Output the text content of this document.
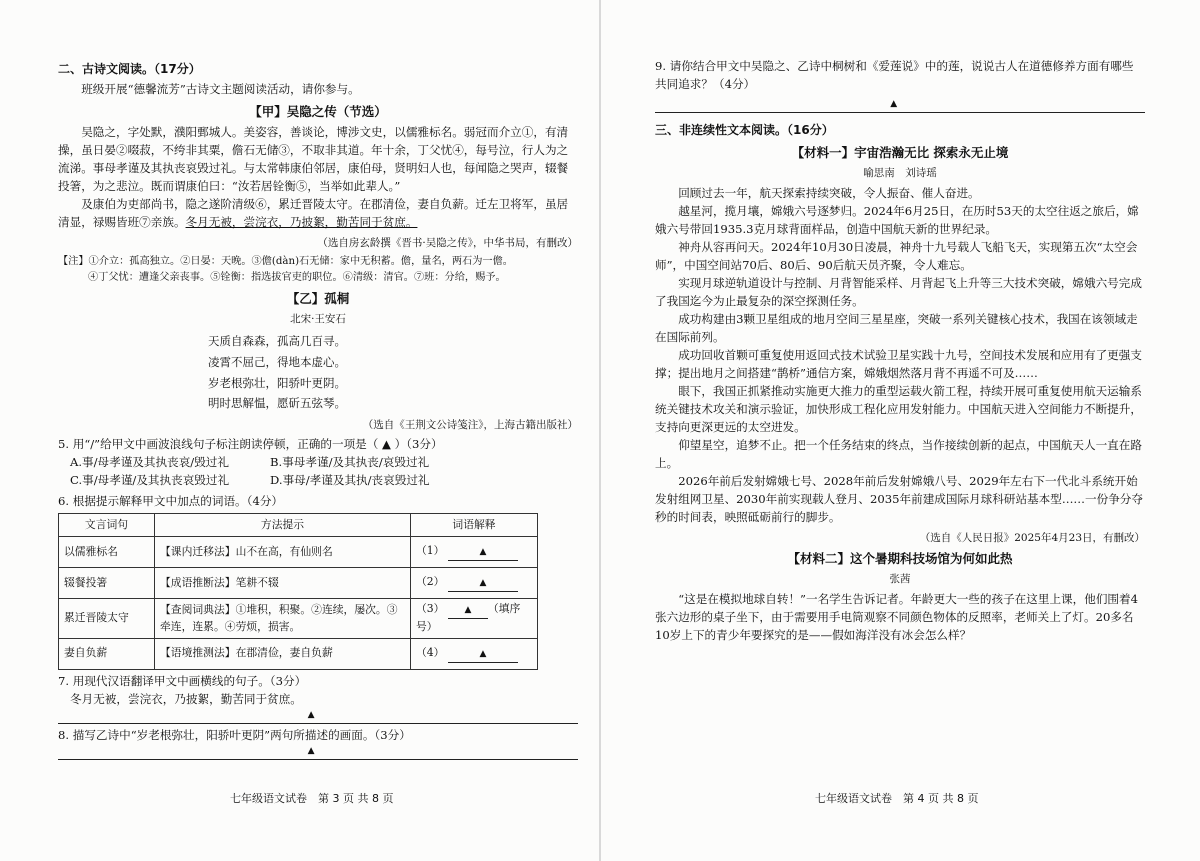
二、古诗文阅读。（17分）

班级开展“德馨流芳”古诗文主题阅读活动，请你参与。

【甲】吴隐之传（节选）

吴隐之，字处默，濮阳鄄城人。美姿容，善谈论，博涉文史，以儒雅标名。弱冠而介立①，有清操，虽日晏②啜菽，不绔非其粟，儋石无储③，不取非其道。年十余，丁父忧④，每号泣，行人为之流涕。事母孝谨及其执丧哀毁过礼。与太常韩康伯邻居，康伯母，贤明妇人也，每闻隐之哭声，辍餐投箸，为之悲泣。既而谓康伯曰：“汝若居铨衡⑤，当举如此辈人。”

及康伯为吏部尚书，隐之遂阶清级⑥，累迁晋陵太守。在郡清俭，妻自负薪。迁左卫将军，虽居清显，禄赐皆班⑦亲族。冬月无被，尝浣衣，乃披絮，勤苦同于贫庶。

（选自房玄龄撰《晋书·吴隐之传》，中华书局，有删改）
【注】①介立：孤高独立。②日晏：天晚。③儋(dàn)石无储：家中无积蓄。儋，量名，两石为一儋。
④丁父忧：遭逢父亲丧事。⑤铨衡：指选拔官吏的职位。⑥清级：清官。⑦班：分给，赐予。
【乙】孤桐
北宋·王安石
天质自森森，孤高几百寻。
凌霄不屈己，得地本虚心。
岁老根弥壮，阳骄叶更阴。
明时思解愠，愿斫五弦琴。
（选自《王荆文公诗笺注》，上海古籍出版社）
5. 用“/”给甲文中画波浪线句子标注朗读停顿，正确的一项是（ ▲ ）（3分）
A.事/母孝谨及其执丧哀/毁过礼	B.事母孝谨/及其执丧/哀毁过礼
C.事/母孝谨/及其执丧哀毁过礼	D.事母/孝谨及其执/丧哀毁过礼
6. 根据提示解释甲文中加点的词语。（4分）
文言词句	方法提示	词语解释
以儒雅标名	【课内迁移法】山不在高，有仙则名	（1） ▲
辍餐投箸	【成语推断法】笔耕不辍	（2） ▲
累迁晋陵太守	【查阅词典法】①堆积，积聚。②连续，屡次。③牵连，连累。④劳烦，损害。	（3） ▲ （填序号）
妻自负薪	【语境推测法】在郡清俭，妻自负薪	（4） ▲
7. 用现代汉语翻译甲文中画横线的句子。（3分）

冬月无被，尝浣衣，乃披絮，勤苦同于贫庶。

▲
8. 描写乙诗中“岁老根弥壮，阳骄叶更阴”两句所描述的画面。（3分）
▲
七年级语文试卷　第 3 页 共 8 页

9. 请你结合甲文中吴隐之、乙诗中桐树和《爱莲说》中的莲，说说古人在道德修养方面有哪些共同追求？（4分）

▲
三、非连续性文本阅读。（16分）
【材料一】宇宙浩瀚无比 探索永无止境
喻思南　刘诗瑶

回顾过去一年，航天探索持续突破，令人振奋、催人奋进。

越星河，揽月壤，嫦娥六号逐梦归。2024年6月25日，在历时53天的太空往返之旅后，嫦娥六号带回1935.3克月球背面样品，创造中国航天新的世界纪录。

神舟从容再问天。2024年10月30日凌晨，神舟十九号载人飞船飞天，实现第五次“太空会师”，中国空间站70后、80后、90后航天员齐聚，令人难忘。

实现月球逆轨道设计与控制、月背智能采样、月背起飞上升等三大技术突破，嫦娥六号完成了我国迄今为止最复杂的深空探测任务。

成功构建由3颗卫星组成的地月空间三星星座，突破一系列关键核心技术，我国在该领域走在国际前列。

成功回收首颗可重复使用返回式技术试验卫星实践十九号，空间技术发展和应用有了更强支撑；提出地月之间搭建“鹊桥”通信方案，嫦娥烟然落月背不再遥不可及……

眼下，我国正抓紧推动实施更大推力的重型运载火箭工程，持续开展可重复使用航天运输系统关键技术攻关和演示验证，加快形成工程化应用发射能力。中国航天进入空间能力不断提升，支持向更深更远的太空进发。

仰望星空，追梦不止。把一个任务结束的终点，当作接续创新的起点，中国航天人一直在路上。

2026年前后发射嫦娥七号、2028年前后发射嫦娥八号、2029年左右下一代北斗系统开始发射组网卫星、2030年前实现载人登月、2035年前建成国际月球科研站基本型……一份争分夺秒的时间表，映照砥砺前行的脚步。

（选自《人民日报》2025年4月23日，有删改）
【材料二】这个暑期科技场馆为何如此热
张茜

“这是在模拟地球自转！”一名学生告诉记者。年龄更大一些的孩子在这里上课，他们围着4张六边形的桌子坐下，由于需要用手电筒观察不同颜色物体的反照率，老师关上了灯。20多名10岁上下的青少年要探究的是——假如海洋没有冰会怎么样？

七年级语文试卷　第 4 页 共 8 页
